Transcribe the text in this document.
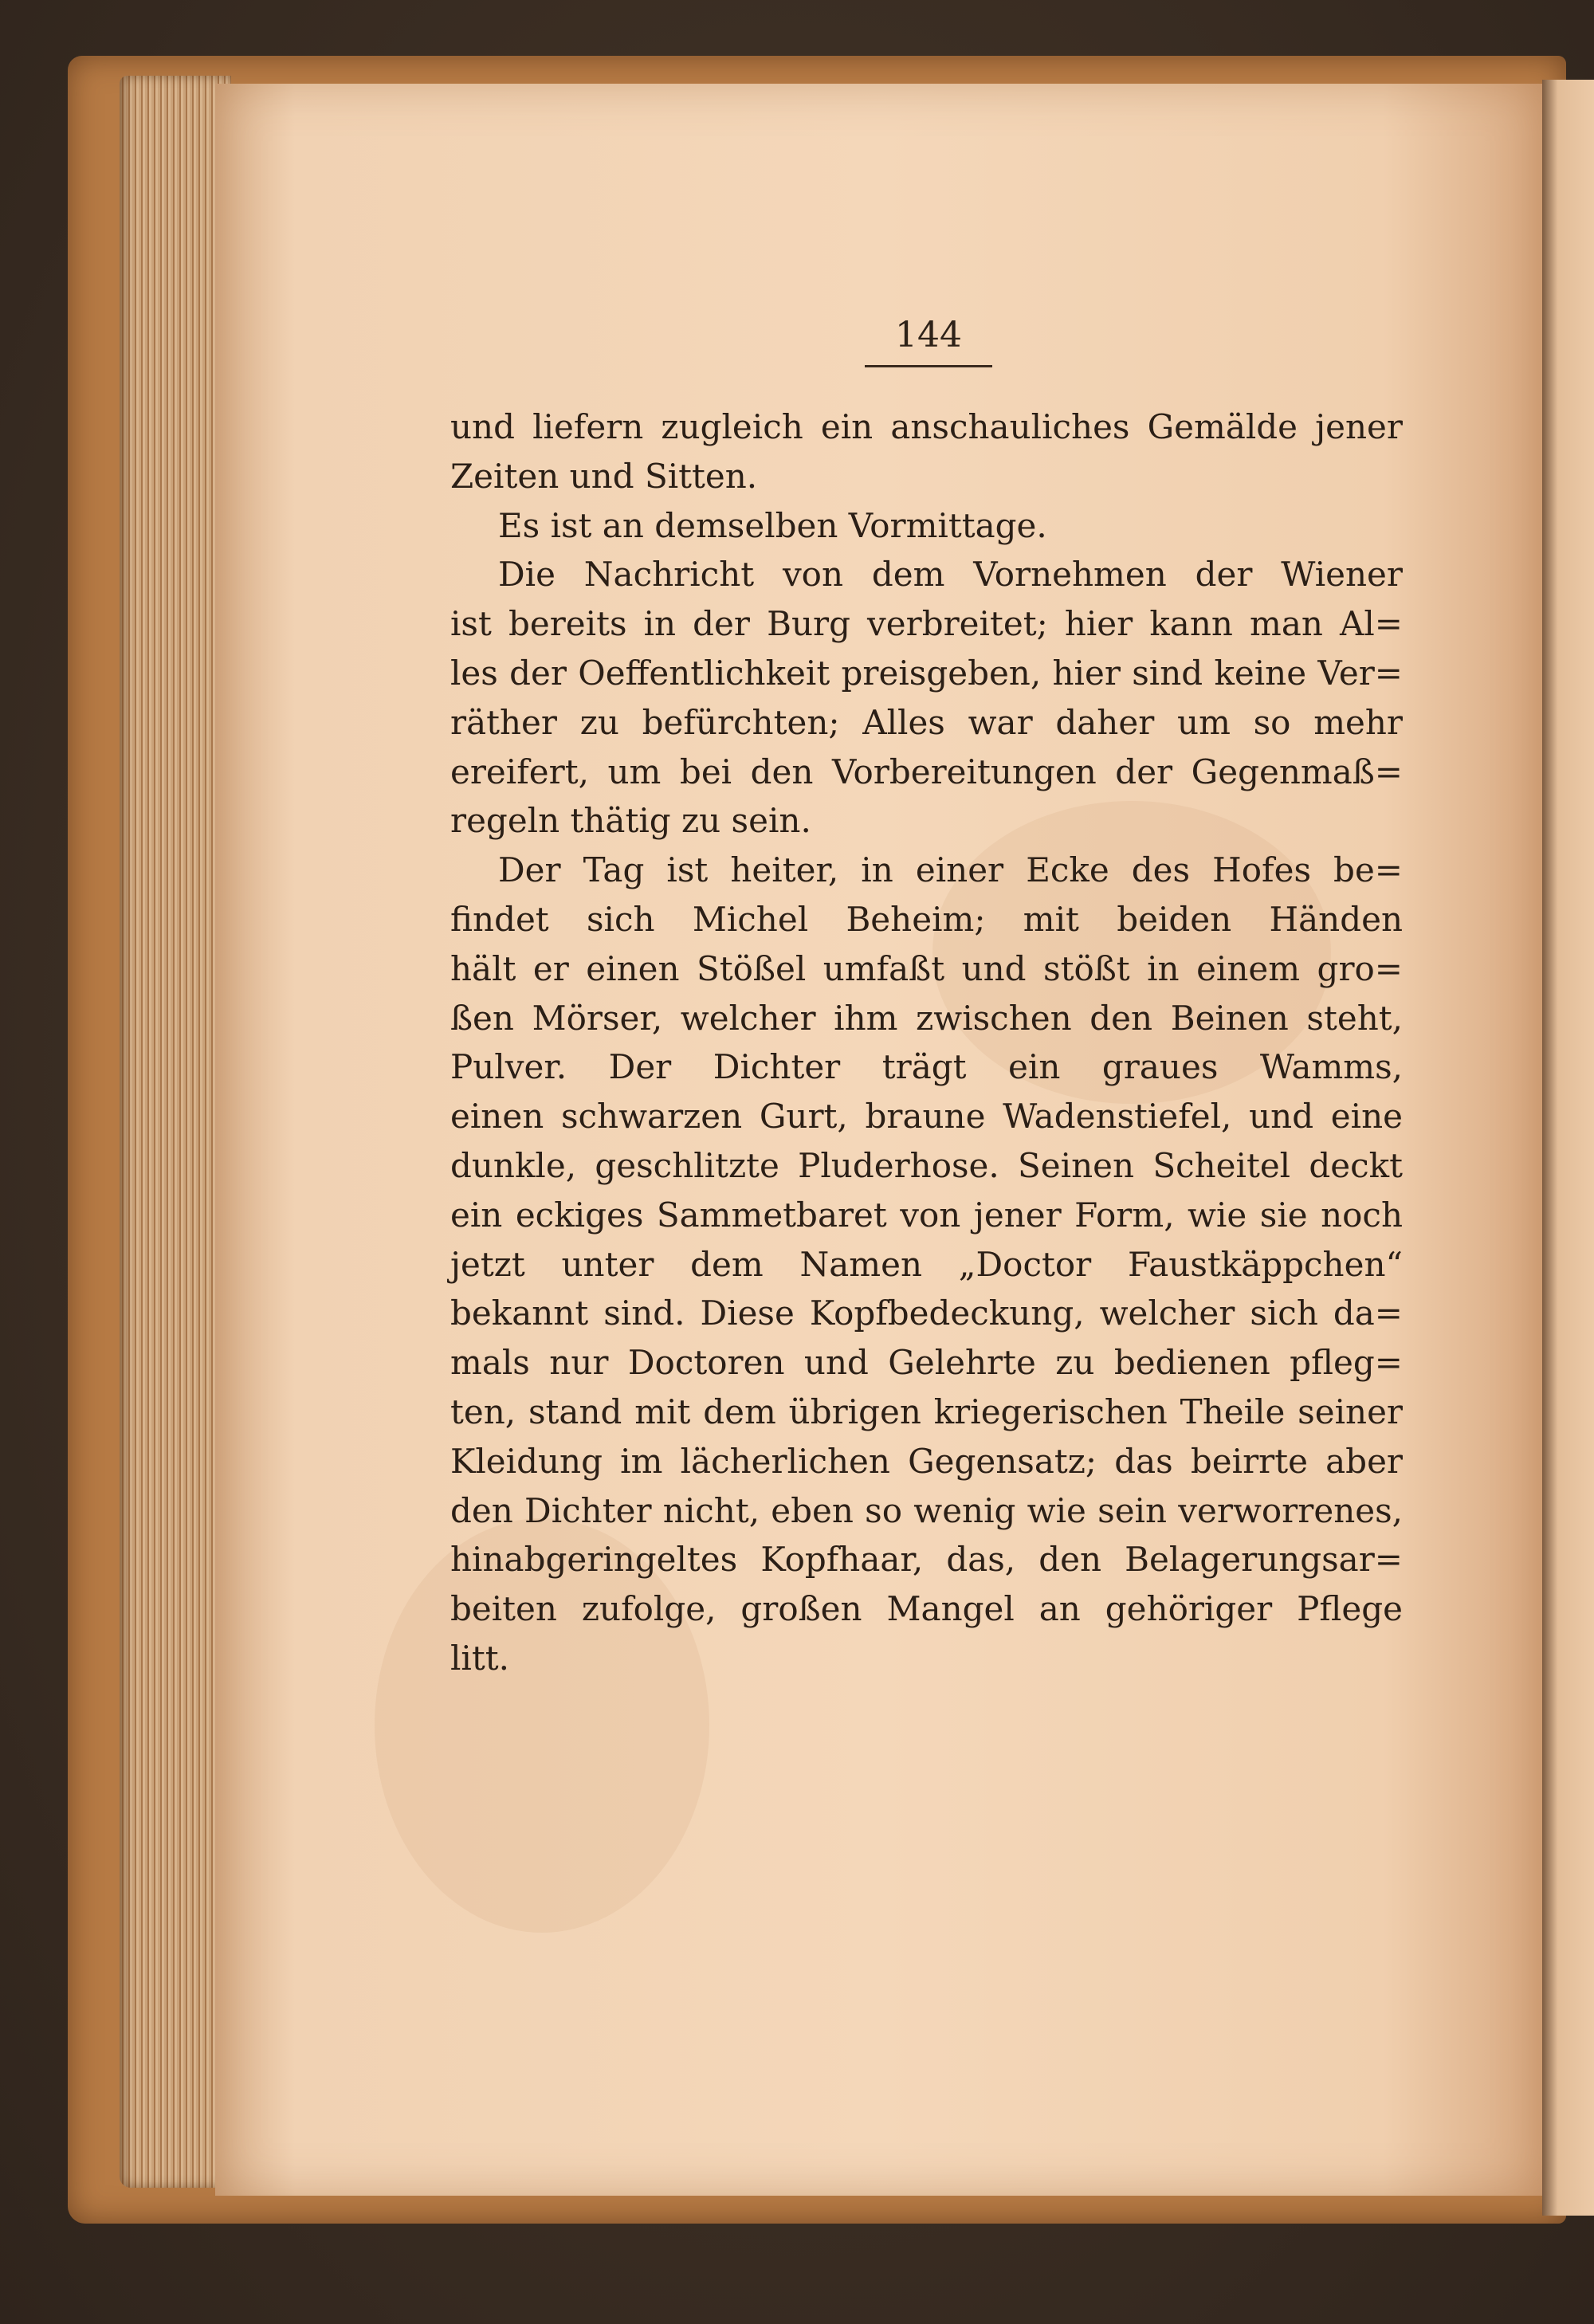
144
und liefern zugleich ein anschauliches Gemälde jener
Zeiten und Sitten.
Es ist an demselben Vormittage.
Die Nachricht von dem Vornehmen der Wiener
ist bereits in der Burg verbreitet; hier kann man Al=
les der Oeffentlichkeit preisgeben, hier sind keine Ver=
räther zu befürchten; Alles war daher um so mehr
ereifert, um bei den Vorbereitungen der Gegenmaß=
regeln thätig zu sein.
Der Tag ist heiter, in einer Ecke des Hofes be=
findet sich Michel Beheim; mit beiden Händen
hält er einen Stößel umfaßt und stößt in einem gro=
ßen Mörser, welcher ihm zwischen den Beinen steht,
Pulver. Der Dichter trägt ein graues Wamms,
einen schwarzen Gurt, braune Wadenstiefel, und eine
dunkle, geschlitzte Pluderhose. Seinen Scheitel deckt
ein eckiges Sammetbaret von jener Form, wie sie noch
jetzt unter dem Namen „Doctor Faustkäppchen“
bekannt sind. Diese Kopfbedeckung, welcher sich da=
mals nur Doctoren und Gelehrte zu bedienen pfleg=
ten, stand mit dem übrigen kriegerischen Theile seiner
Kleidung im lächerlichen Gegensatz; das beirrte aber
den Dichter nicht, eben so wenig wie sein verworrenes,
hinabgeringeltes Kopfhaar, das, den Belagerungsar=
beiten zufolge, großen Mangel an gehöriger Pflege
litt.
